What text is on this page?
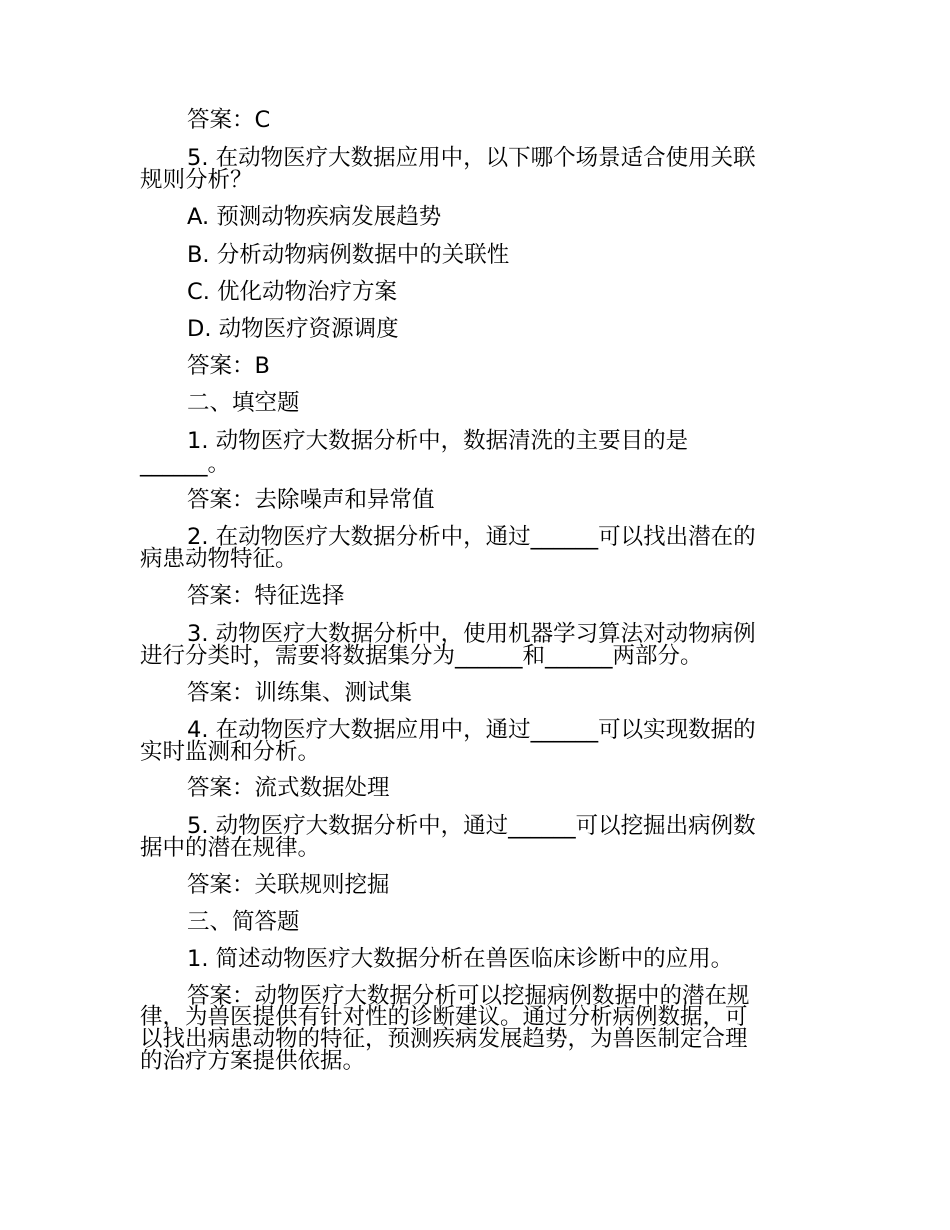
答案：C
5. 在动物医疗大数据应用中，以下哪个场景适合使用关联
规则分析？
A. 预测动物疾病发展趋势
B. 分析动物病例数据中的关联性
C. 优化动物治疗方案
D. 动物医疗资源调度
答案：B
二、填空题
1. 动物医疗大数据分析中，数据清洗的主要目的是
______。
答案：去除噪声和异常值
2. 在动物医疗大数据分析中，通过______可以找出潜在的
病患动物特征。
答案：特征选择
3. 动物医疗大数据分析中，使用机器学习算法对动物病例
进行分类时，需要将数据集分为______和______两部分。
答案：训练集、测试集
4. 在动物医疗大数据应用中，通过______可以实现数据的
实时监测和分析。
答案：流式数据处理
5. 动物医疗大数据分析中，通过______可以挖掘出病例数
据中的潜在规律。
答案：关联规则挖掘
三、简答题
1. 简述动物医疗大数据分析在兽医临床诊断中的应用。
答案：动物医疗大数据分析可以挖掘病例数据中的潜在规
律，为兽医提供有针对性的诊断建议。通过分析病例数据，可
以找出病患动物的特征，预测疾病发展趋势，为兽医制定合理
的治疗方案提供依据。
